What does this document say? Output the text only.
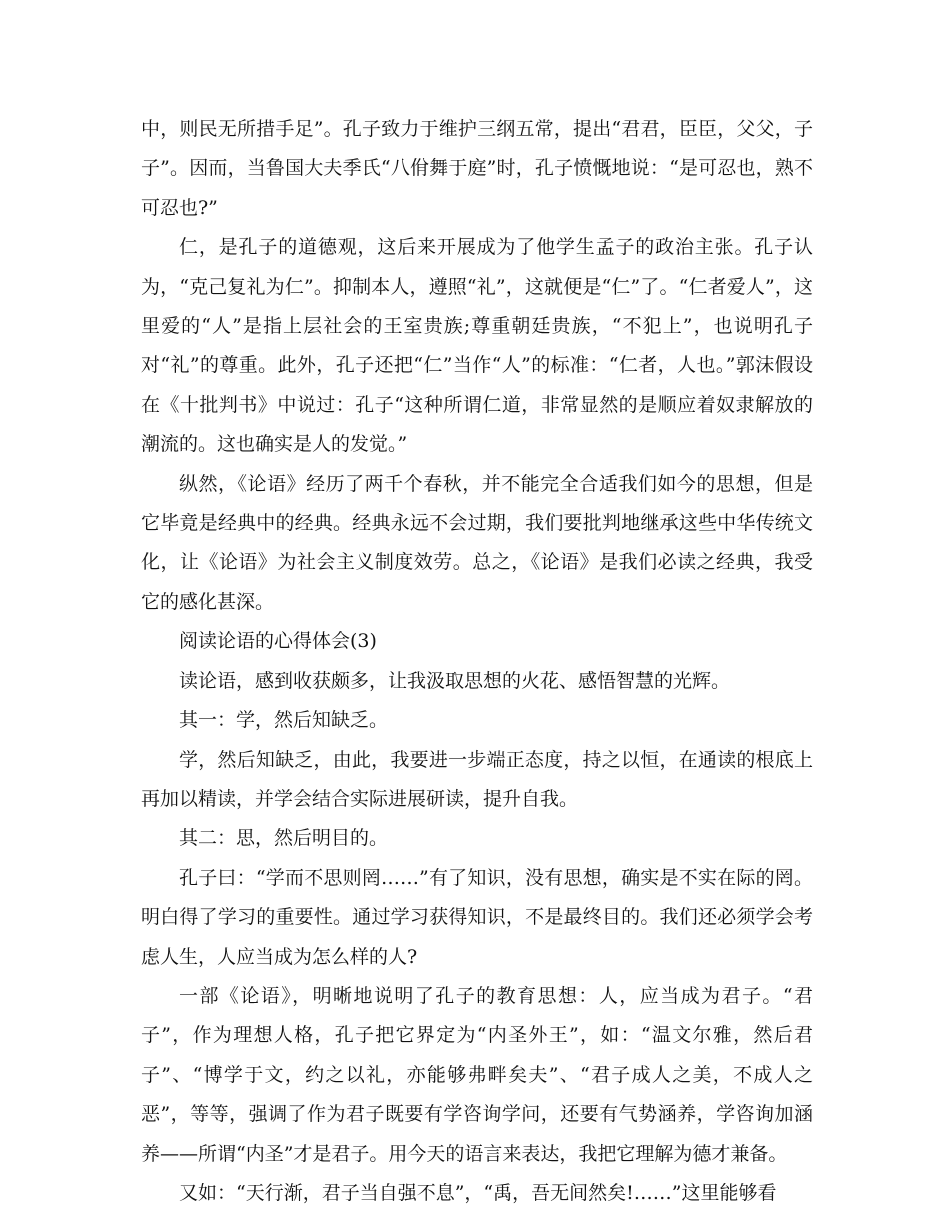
中，则民无所措手足”。孔子致力于维护三纲五常，提出“君君，臣臣，父父，子子”。因而，当鲁国大夫季氏“八佾舞于庭”时，孔子愤慨地说：“是可忍也，熟不可忍也?”

仁，是孔子的道德观，这后来开展成为了他学生孟子的政治主张。孔子认为，“克己复礼为仁”。抑制本人，遵照“礼”，这就便是“仁”了。“仁者爱人”，这里爱的“人”是指上层社会的王室贵族;尊重朝廷贵族，“不犯上”，也说明孔子对“礼”的尊重。此外，孔子还把“仁”当作“人”的标准：“仁者，人也。”郭沫假设在《十批判书》中说过：孔子“这种所谓仁道，非常显然的是顺应着奴隶解放的潮流的。这也确实是人的发觉。”

纵然，《论语》经历了两千个春秋，并不能完全合适我们如今的思想，但是它毕竟是经典中的经典。经典永远不会过期，我们要批判地继承这些中华传统文化，让《论语》为社会主义制度效劳。总之，《论语》是我们必读之经典，我受它的感化甚深。

阅读论语的心得体会(3)

读论语，感到收获颇多，让我汲取思想的火花、感悟智慧的光辉。

其一：学，然后知缺乏。

学，然后知缺乏，由此，我要进一步端正态度，持之以恒，在通读的根底上再加以精读，并学会结合实际进展研读，提升自我。

其二：思，然后明目的。

孔子曰：“学而不思则罔……”有了知识，没有思想，确实是不实在际的罔。明白得了学习的重要性。通过学习获得知识，不是最终目的。我们还必须学会考虑人生，人应当成为怎么样的人?

一部《论语》，明晰地说明了孔子的教育思想：人，应当成为君子。“君子”，作为理想人格，孔子把它界定为“内圣外王”，如：“温文尔雅，然后君子”、“博学于文，约之以礼，亦能够弗畔矣夫”、“君子成人之美，不成人之恶”，等等，强调了作为君子既要有学咨询学问，还要有气势涵养，学咨询加涵养——所谓“内圣”才是君子。用今天的语言来表达，我把它理解为德才兼备。

又如：“天行渐，君子当自强不息”，“禹，吾无间然矣!……”这里能够看
